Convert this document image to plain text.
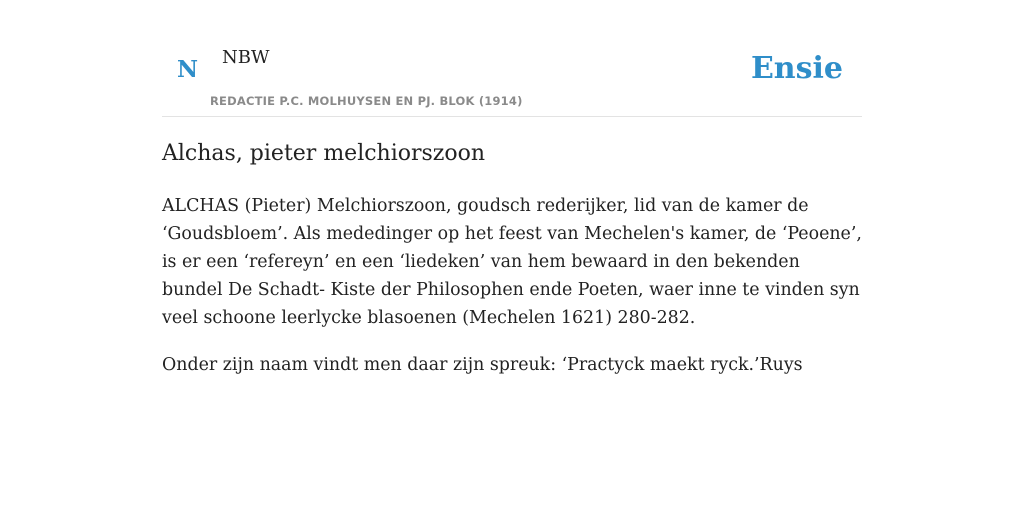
N NBW
REDACTIE P.C. MOLHUYSEN EN PJ. BLOK (1914)
Ensie
Alchas, pieter melchiorszoon

ALCHAS (Pieter) Melchiorszoon, goudsch rederijker, lid van de kamer de ‘Goudsbloem’. Als mededinger op het feest van Mechelen's kamer, de ‘Peoene’, is er een ‘refereyn’ en een ‘liedeken’ van hem bewaard in den bekenden bundel De Schadt- Kiste der Philosophen ende Poeten, waer inne te vinden syn veel schoone leerlycke blasoenen (Mechelen 1621) 280-282.

Onder zijn naam vindt men daar zijn spreuk: ‘Practyck maekt ryck.’Ruys
